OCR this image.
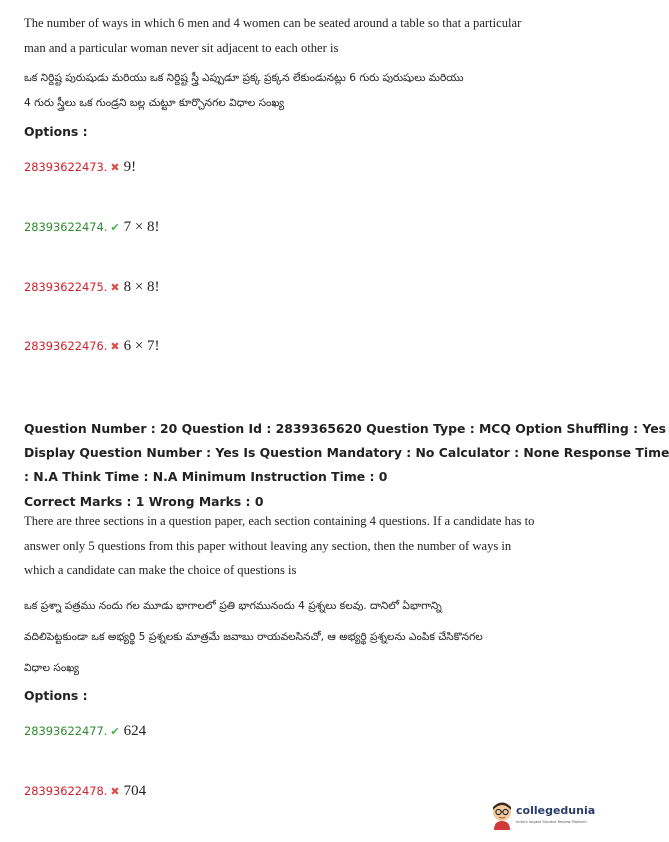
The number of ways in which 6 men and 4 women can be seated around a table so that a particular
man and a particular woman never sit adjacent to each other is
ఒక నిర్దిష్ట పురుషుడు మరియు ఒక నిర్దిష్ట స్త్రీ ఎప్పుడూ ప్రక్క ప్రక్కన లేకుండునట్లు 6 గురు పురుషులు మరియు
4 గురు స్త్రీలు ఒక గుండ్రని బల్ల చుట్టూ కూర్చొనగల విధాల సంఖ్య
Options :
28393622473. ✖ 9!
28393622474. ✔ 7 × 8!
28393622475. ✖ 8 × 8!
28393622476. ✖ 6 × 7!
Question Number : 20 Question Id : 2839365620 Question Type : MCQ Option Shuffling : Yes
Display Question Number : Yes Is Question Mandatory : No Calculator : None Response Time
: N.A Think Time : N.A Minimum Instruction Time : 0
Correct Marks : 1 Wrong Marks : 0
There are three sections in a question paper, each section containing 4 questions. If a candidate has to
answer only 5 questions from this paper without leaving any section, then the number of ways in
which a candidate can make the choice of questions is
ఒక ప్రశ్నా పత్రము నందు గల మూడు భాగాలలో ప్రతి భాగమునందు 4 ప్రశ్నలు కలవు. దానిలో ఏభాగాన్ని
వదిలిపెట్టకుండా ఒక అభ్యర్థి 5 ప్రశ్నలకు మాత్రమే జవాబు రాయవలసినచో, ఆ అభ్యర్థి ప్రశ్నలను ఎంపిక చేసికొనగల
విధాల సంఖ్య
Options :
28393622477. ✔ 624
28393622478. ✖ 704
collegedunia
India's largest Student Review Platform
